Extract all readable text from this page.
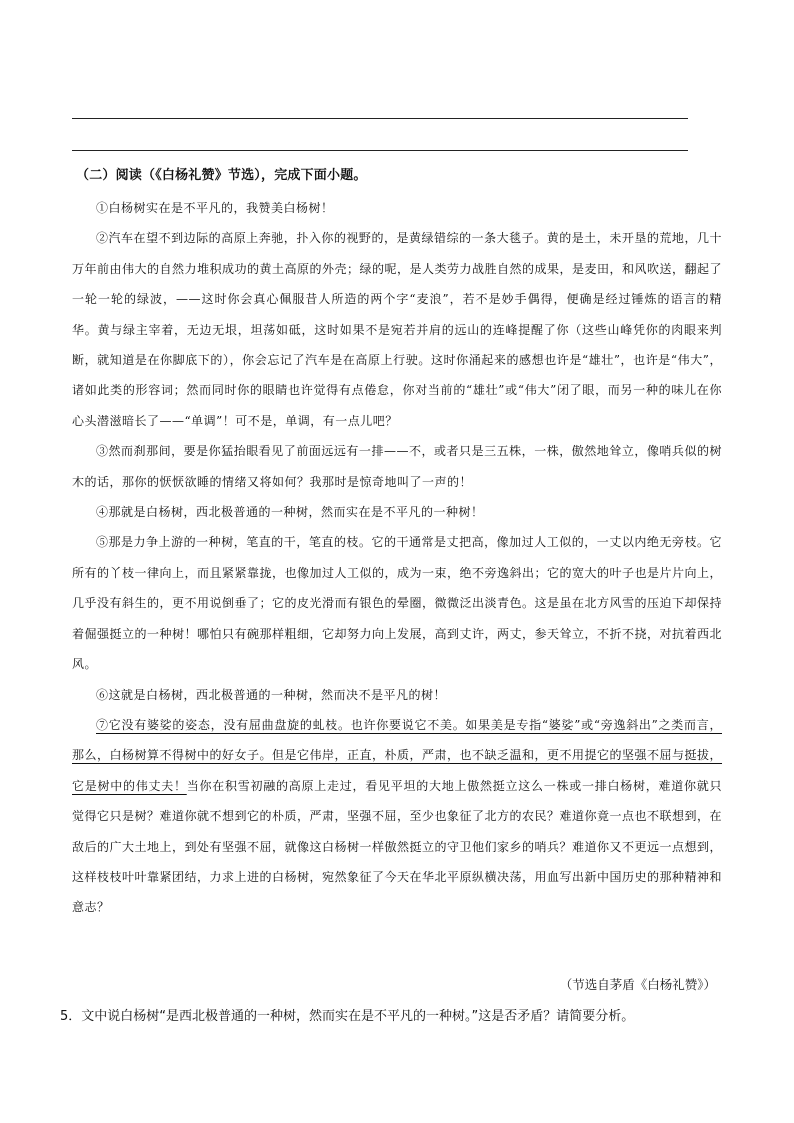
（二）阅读（《白杨礼赞》节选），完成下面小题。

①白杨树实在是不平凡的，我赞美白杨树！

②汽车在望不到边际的高原上奔驰，扑入你的视野的，是黄绿错综的一条大毯子。黄的是土，未开垦的荒地，几十万年前由伟大的自然力堆积成功的黄土高原的外壳；绿的呢，是人类劳力战胜自然的成果，是麦田，和风吹送，翻起了一轮一轮的绿波，——这时你会真心佩服昔人所造的两个字“麦浪”，若不是妙手偶得，便确是经过锤炼的语言的精华。黄与绿主宰着，无边无垠，坦荡如砥，这时如果不是宛若并肩的远山的连峰提醒了你（这些山峰凭你的肉眼来判断，就知道是在你脚底下的），你会忘记了汽车是在高原上行驶。这时你涌起来的感想也许是“雄壮”，也许是“伟大”，诸如此类的形容词；然而同时你的眼睛也许觉得有点倦怠，你对当前的“雄壮”或“伟大”闭了眼，而另一种的味儿在你心头潜滋暗长了——“单调”！可不是，单调，有一点儿吧？

③然而刹那间，要是你猛抬眼看见了前面远远有一排——不，或者只是三五株，一株，傲然地耸立，像哨兵似的树木的话，那你的恹恹欲睡的情绪又将如何？我那时是惊奇地叫了一声的！

④那就是白杨树，西北极普通的一种树，然而实在是不平凡的一种树！

⑤那是力争上游的一种树，笔直的干，笔直的枝。它的干通常是丈把高，像加过人工似的，一丈以内绝无旁枝。它所有的丫枝一律向上，而且紧紧靠拢，也像加过人工似的，成为一束，绝不旁逸斜出；它的宽大的叶子也是片片向上，几乎没有斜生的，更不用说倒垂了；它的皮光滑而有银色的晕圈，微微泛出淡青色。这是虽在北方风雪的压迫下却保持着倔强挺立的一种树！哪怕只有碗那样粗细，它却努力向上发展，高到丈许，两丈，参天耸立，不折不挠，对抗着西北风。

⑥这就是白杨树，西北极普通的一种树，然而决不是平凡的树！

⑦它没有婆娑的姿态，没有屈曲盘旋的虬枝。也许你要说它不美。如果美是专指“婆娑”或“旁逸斜出”之类而言，那么，白杨树算不得树中的好女子。但是它伟岸，正直，朴质，严肃，也不缺乏温和，更不用提它的坚强不屈与挺拔，它是树中的伟丈夫！当你在积雪初融的高原上走过，看见平坦的大地上傲然挺立这么一株或一排白杨树，难道你就只觉得它只是树？难道你就不想到它的朴质，严肃，坚强不屈，至少也象征了北方的农民？难道你竟一点也不联想到，在敌后的广大土地上，到处有坚强不屈，就像这白杨树一样傲然挺立的守卫他们家乡的哨兵？难道你又不更远一点想到，这样枝枝叶叶靠紧团结，力求上进的白杨树，宛然象征了今天在华北平原纵横决荡，用血写出新中国历史的那种精神和意志？

（节选自茅盾《白杨礼赞》）
5．文中说白杨树“是西北极普通的一种树，然而实在是不平凡的一种树。”这是否矛盾？请简要分析。
